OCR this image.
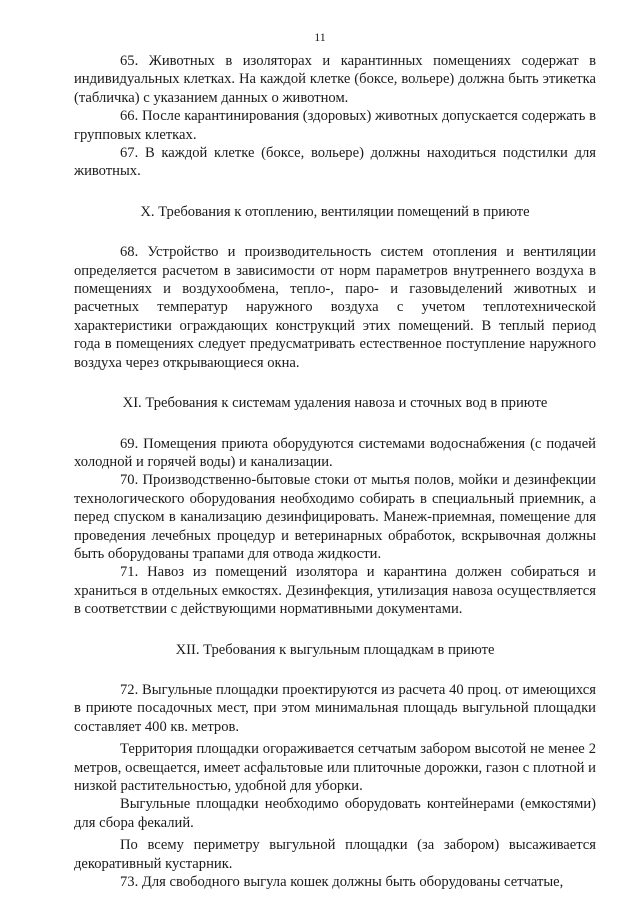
11

65. Животных в изоляторах и карантинных помещениях содержат в индивидуальных клетках. На каждой клетке (боксе, вольере) должна быть этикетка (табличка) с указанием данных о животном.

66. После карантинирования (здоровых) животных допускается содержать в групповых клетках.

67. В каждой клетке (боксе, вольере) должны находиться подстилки для животных.

X. Требования к отоплению, вентиляции помещений в приюте

68. Устройство и производительность систем отопления и вентиляции определяется расчетом в зависимости от норм параметров внутреннего воздуха в помещениях и воздухообмена, тепло-, паро- и газовыделений животных и расчетных температур наружного воздуха с учетом теплотехнической характеристики ограждающих конструкций этих помещений. В теплый период года в помещениях следует предусматривать естественное поступление наружного воздуха через открывающиеся окна.

XI. Требования к системам удаления навоза и сточных вод в приюте

69. Помещения приюта оборудуются системами водоснабжения (с подачей холодной и горячей воды) и канализации.

70. Производственно-бытовые стоки от мытья полов, мойки и дезинфекции технологического оборудования необходимо собирать в специальный приемник, а перед спуском в канализацию дезинфицировать. Манеж-приемная, помещение для проведения лечебных процедур и ветеринарных обработок, вскрывочная должны быть оборудованы трапами для отвода жидкости.

71. Навоз из помещений изолятора и карантина должен собираться и храниться в отдельных емкостях. Дезинфекция, утилизация навоза осуществляется в соответствии с действующими нормативными документами.

XII. Требования к выгульным площадкам в приюте

72. Выгульные площадки проектируются из расчета 40 проц. от имеющихся в приюте посадочных мест, при этом минимальная площадь выгульной площадки составляет 400 кв. метров.

Территория площадки огораживается сетчатым забором высотой не менее 2 метров, освещается, имеет асфальтовые или плиточные дорожки, газон с плотной и низкой растительностью, удобной для уборки.

Выгульные площадки необходимо оборудовать контейнерами (емкостями) для сбора фекалий.

По всему периметру выгульной площадки (за забором) высаживается декоративный кустарник.

73. Для свободного выгула кошек должны быть оборудованы сетчатые,
